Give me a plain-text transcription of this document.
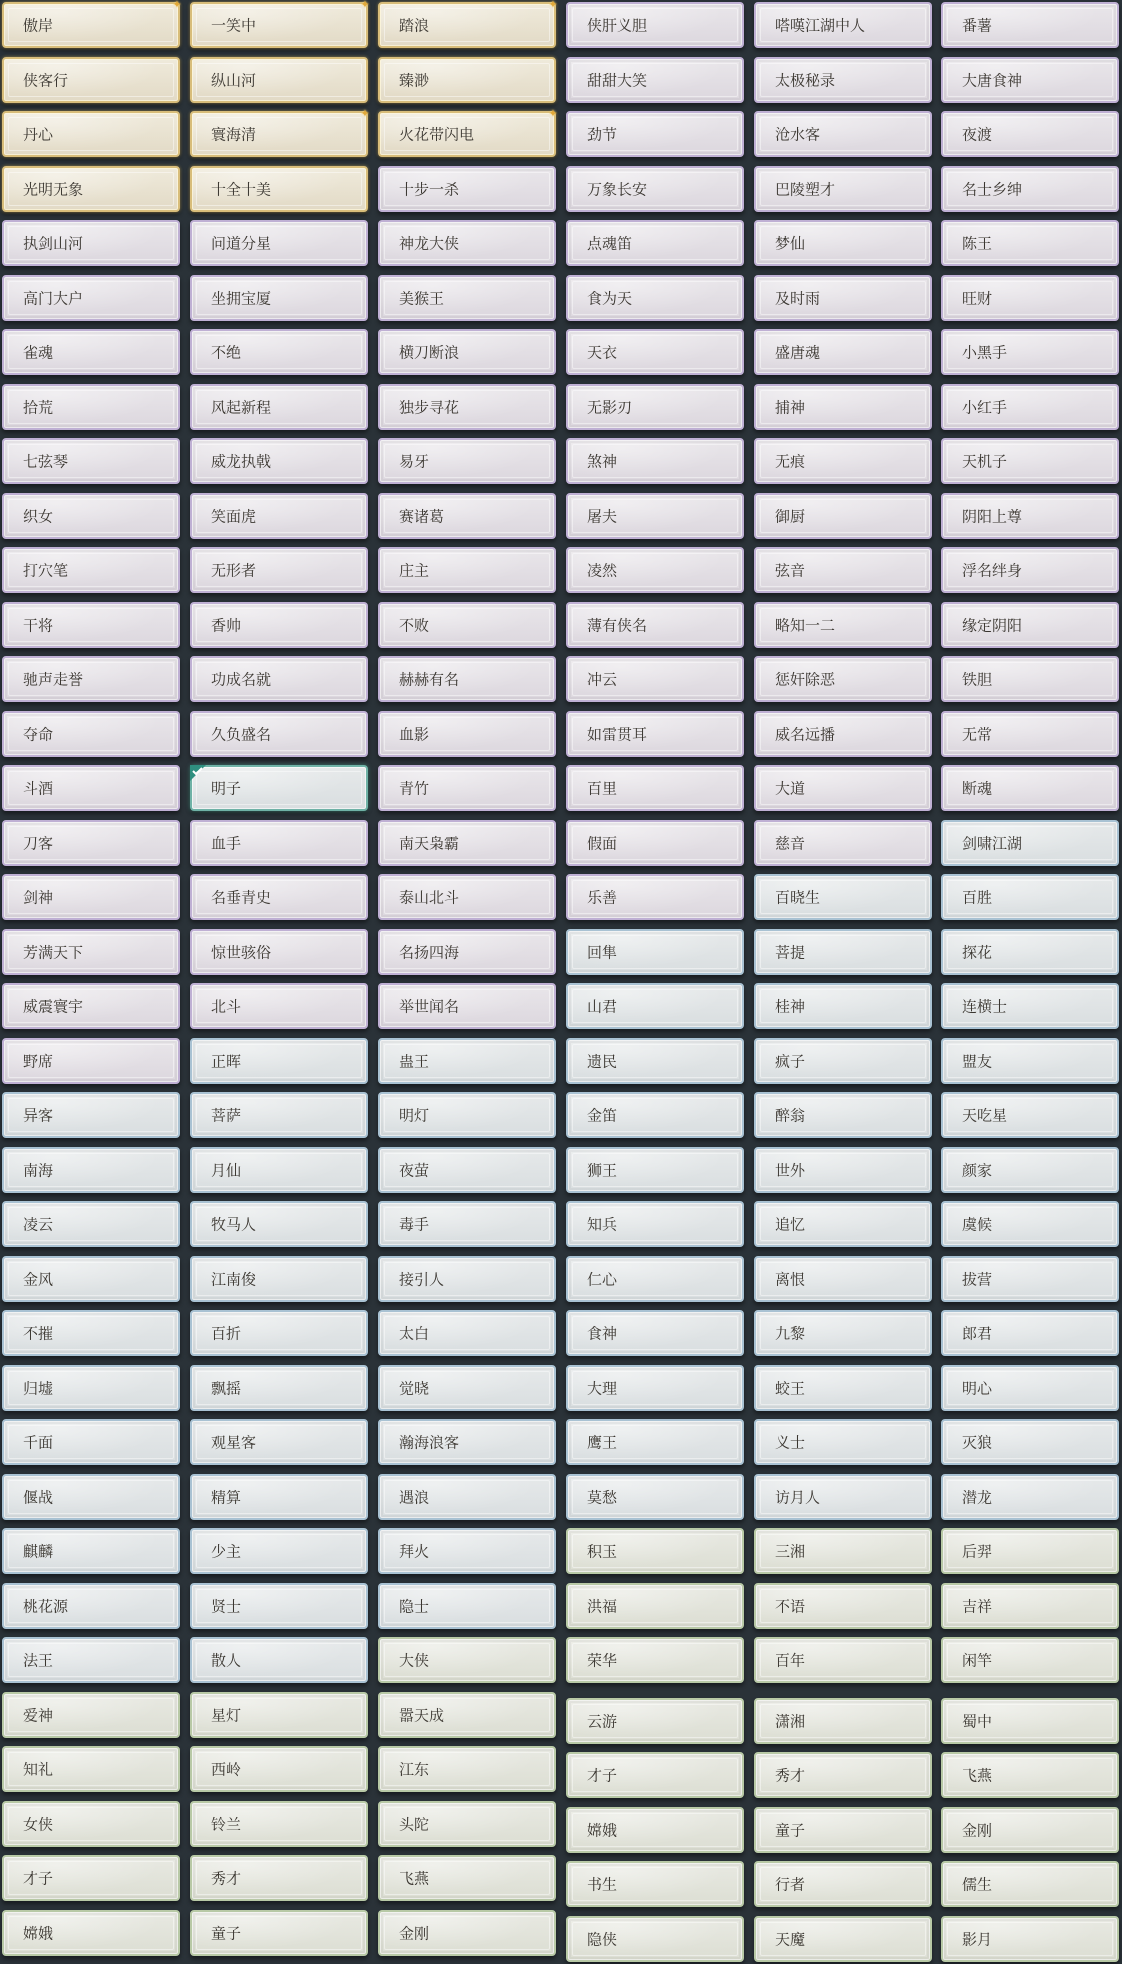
傲岸
✦
侠客行
丹心
光明无象
执剑山河
高门大户
雀魂
拾荒
七弦琴
织女
打穴笔
干将
驰声走誉
夺命
斗酒
刀客
剑神
芳满天下
威震寰宇
野席
异客
南海
凌云
金风
不摧
归墟
千面
偃战
麒麟
桃花源
法王
爱神
知礼
女侠
才子
嫦娥
一笑中
✦
纵山河
寰海清
✦
十全十美
问道分星
坐拥宝厦
不绝
风起新程
威龙执戟
笑面虎
无形者
香帅
功成名就
久负盛名
明子
血手
名垂青史
惊世骇俗
北斗
正晖
菩萨
月仙
牧马人
江南俊
百折
飘摇
观星客
精算
少主
贤士
散人
星灯
西岭
铃兰
秀才
童子
踏浪
✦
臻渺
火花带闪电
✦
十步一杀
神龙大侠
美猴王
横刀断浪
独步寻花
易牙
赛诸葛
庄主
不败
赫赫有名
血影
青竹
南天枭霸
泰山北斗
名扬四海
举世闻名
蛊王
明灯
夜萤
毒手
接引人
太白
觉晓
瀚海浪客
遇浪
拜火
隐士
大侠
嚣天成
江东
头陀
飞燕
金刚
侠肝义胆
甜甜大笑
劲节
万象长安
点魂笛
食为天
天衣
无影刃
煞神
屠夫
凌然
薄有侠名
冲云
如雷贯耳
百里
假面
乐善
回隼
山君
遗民
金笛
狮王
知兵
仁心
食神
大理
鹰王
莫愁
积玉
洪福
荣华
云游
才子
嫦娥
书生
隐侠
嗒嘆江湖中人
太极秘录
沧水客
巴陵塑才
梦仙
及时雨
盛唐魂
捕神
无痕
御厨
弦音
略知一二
惩奸除恶
威名远播
大道
慈音
百晓生
菩提
桂神
疯子
醉翁
世外
追忆
离恨
九黎
蛟王
义士
访月人
三湘
不语
百年
潇湘
秀才
童子
行者
天魔
番薯
大唐食神
夜渡
名士乡绅
陈王
旺财
小黑手
小红手
天机子
阴阳上尊
浮名绊身
缘定阴阳
铁胆
无常
断魂
剑啸江湖
百胜
探花
连横士
盟友
天吃星
颜家
虞候
拔营
郎君
明心
灭狼
潜龙
后羿
吉祥
闲竿
蜀中
飞燕
金刚
儒生
影月
